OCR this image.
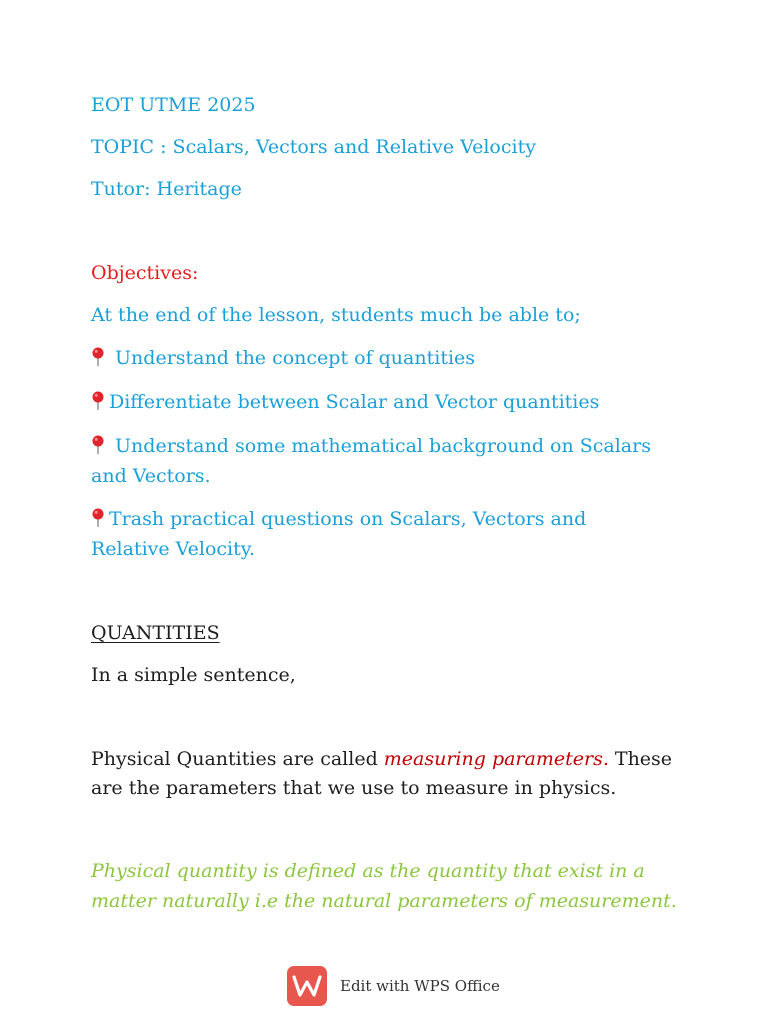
EOT UTME 2025
TOPIC : Scalars, Vectors and Relative Velocity
Tutor: Heritage
Objectives:
At the end of the lesson, students much be able to;
Understand the concept of quantities
Differentiate between Scalar and Vector quantities
Understand some mathematical background on Scalars
and Vectors.
Trash practical questions on Scalars, Vectors and
Relative Velocity.
QUANTITIES
In a simple sentence,
Physical Quantities are called measuring parameters. These
are the parameters that we use to measure in physics.
Physical quantity is defined as the quantity that exist in a
matter naturally i.e the natural parameters of measurement.
Edit with WPS Office
